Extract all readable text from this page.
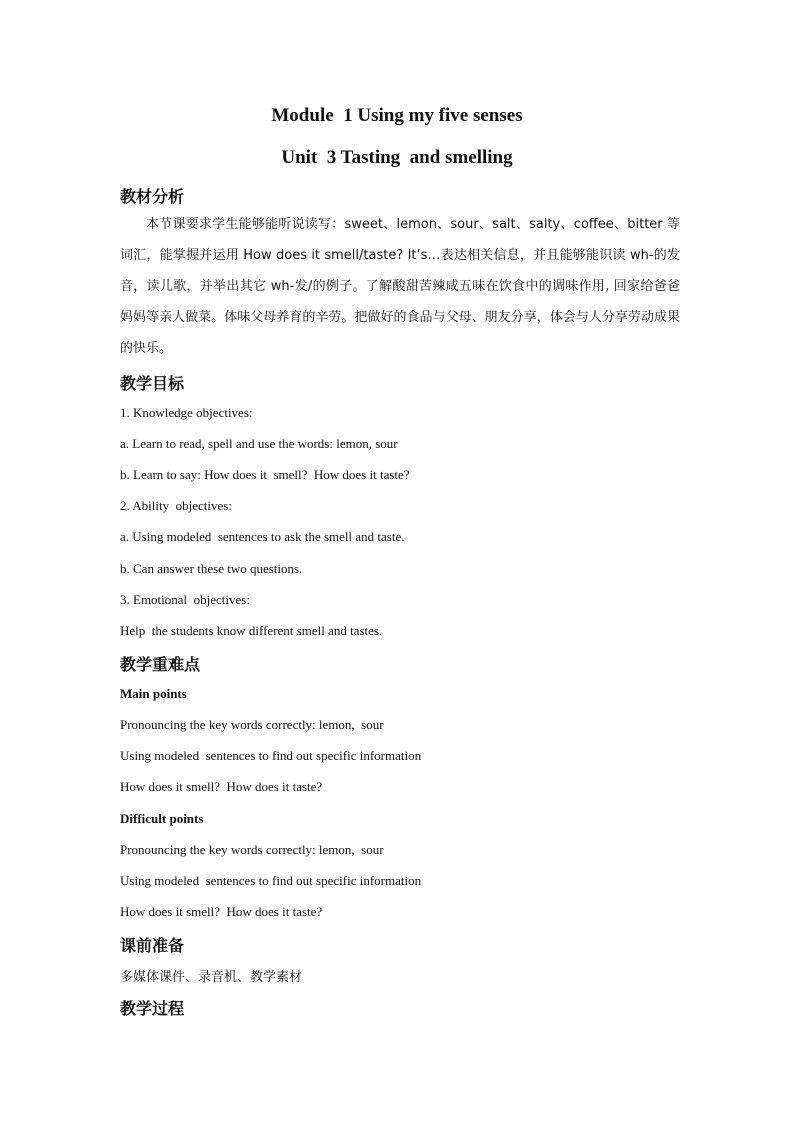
Module  1 Using my five senses
Unit  3 Tasting  and smelling
教材分析
本节课要求学生能够能听说读写：sweet、lemon、sour、salt、salty、coffee、bitter 等词汇，能掌握并运用 How does it smell/taste? It’s…表达相关信息，并且能够能识读 wh-的发音，读儿歌，并举出其它 wh-发/的例子。了解酸甜苦辣咸五味在饮食中的调味作用, 回家给爸爸妈妈等亲人做菜。体味父母养育的辛劳。把做好的食品与父母、朋友分享，体会与人分享劳动成果的快乐。
教学目标
1. Knowledge objectives:
a. Learn to read, spell and use the words: lemon, sour
b. Learn to say: How does it  smell?  How does it taste?
2. Ability  objectives:
a. Using modeled  sentences to ask the smell and taste.
b. Can answer these two questions.
3. Emotional  objectives:
Help  the students know different smell and tastes.
教学重难点
Main points
Pronouncing the key words correctly: lemon,  sour
Using modeled  sentences to find out specific information
How does it smell?  How does it taste?
Difficult points
Pronouncing the key words correctly: lemon,  sour
Using modeled  sentences to find out specific information
How does it smell?  How does it taste?
课前准备
多媒体课件、录音机、教学素材
教学过程
